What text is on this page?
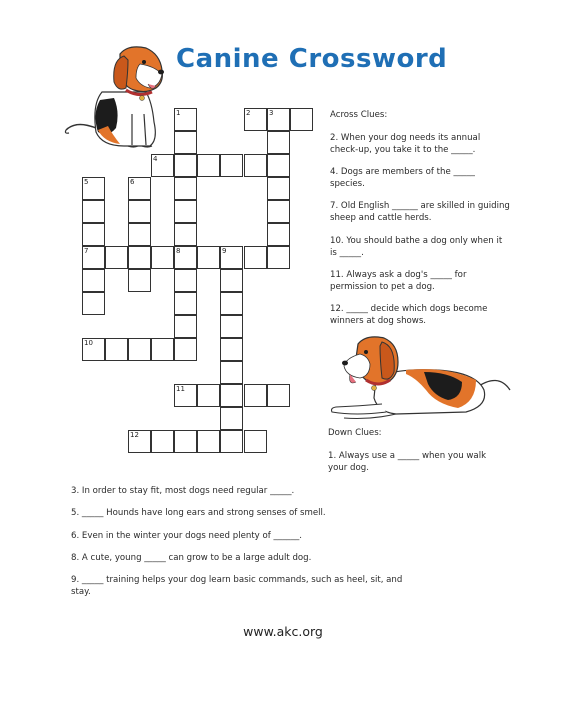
Canine Crossword
1	2	3
4
5	6
7	8	9
10
11
12
Across Clues:
2. When your dog needs its annual check-up, you take it to the _____.
4. Dogs are members of the _____ species.
7. Old English ______ are skilled in guiding sheep and cattle herds.
10. You should bathe a dog only when it is _____.
11. Always ask a dog's _____ for permission to pet a dog.
12. _____ decide which dogs become winners at dog shows.
Down Clues:
1. Always use a _____ when you walk your dog.
3. In order to stay fit, most dogs need regular _____.
5. _____ Hounds have long ears and strong senses of smell.
6. Even in the winter your dogs need plenty of ______.
8. A cute, young _____ can grow to be a large adult dog.
9. _____ training helps your dog learn basic commands, such as heel, sit, and stay.
www.akc.org
